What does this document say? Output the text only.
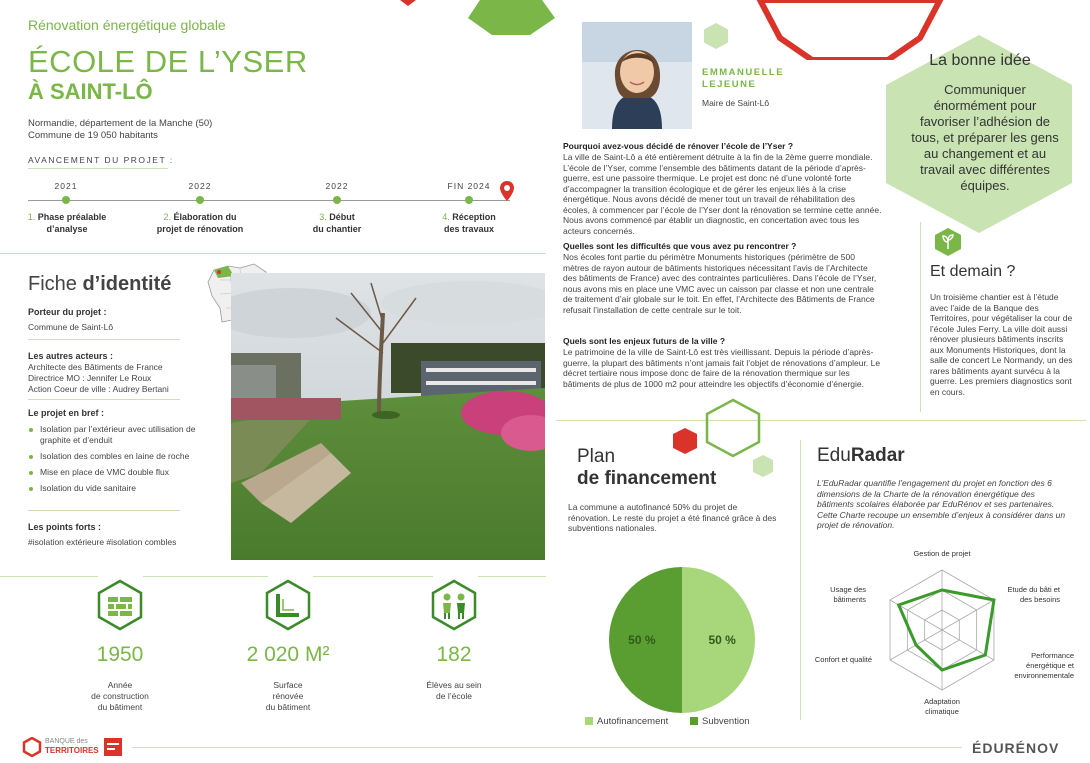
Rénovation énergétique globale
ÉCOLE DE L’YSER
À SAINT-LÔ
Normandie, département de la Manche (50)
Commune de 19 050 habitants
AVANCEMENT DU PROJET :
2021	2022	2022	FIN 2024
1. Phase préalable
d’analyse
2. Élaboration du
projet de rénovation
3. Début
du chantier
4. Réception
des travaux
Fiche d’identité
Porteur du projet :
Commune de Saint-Lô
Les autres acteurs :
Architecte des Bâtiments de France
Directrice MO : Jennifer Le Roux
Action Coeur de ville : Audrey Bertani
Le projet en bref :
Isolation par l’extérieur avec utilisation de graphite et d’enduit
Isolation des combles en laine de roche
Mise en place de VMC double flux
Isolation du vide sanitaire
Les points forts :
#isolation extérieure #isolation combles
1950	2 020 M²	182
Année
de construction
du bâtiment
Surface
rénovée
du bâtiment
Élèves au sein
de l’école
EMMANUELLE
LEJEUNE
Maire de Saint-Lô
Pourquoi avez-vous décidé de rénover l’école de l’Yser ?
La ville de Saint-Lô a été entièrement détruite à la fin de la 2ème guerre mondiale. L’école de l’Yser, comme l’ensemble des bâtiments datant de la période d’après-guerre, est une passoire thermique. Le projet est donc né d’une volonté forte d’accompagner la transition écologique et de gérer les enjeux liés à la crise énergétique. Nous avons décidé de mener tout un travail de réhabilitation des écoles, à commencer par l’école de l’Yser dont la rénovation se termine cette année. Nous avons commencé par établir un diagnostic, en concertation avec tous les acteurs concernés.
Quelles sont les difficultés que vous avez pu rencontrer ?
Nos écoles font partie du périmètre Monuments historiques (périmètre de 500 mètres de rayon autour de bâtiments historiques nécessitant l’avis de l’Architecte des bâtiments de France) avec des contraintes particulières. Dans l’école de l’Yser, nous avons mis en place une VMC avec un caisson par classe et non une centrale de traitement d’air globale sur le toit. En effet, l’Architecte des Bâtiments de France refusait l’installation de cette centrale sur le toit.
Quels sont les enjeux futurs de la ville ?
Le patrimoine de la ville de Saint-Lô est très vieillissant. Depuis la période d’après-guerre, la plupart des bâtiments n’ont jamais fait l’objet de rénovations d’ampleur. Le décret tertiaire nous impose donc de faire de la rénovation thermique sur les bâtiments de plus de 1000 m2 pour atteindre les objectifs d’économie d’énergie.
La bonne idée
Communiquer énormément pour favoriser l’adhésion de tous, et préparer les gens au changement et au travail avec différentes équipes.
Et demain ?
Un troisième chantier est à l’étude avec l’aide de la Banque des Territoires, pour végétaliser la cour de l’école Jules Ferry. La ville doit aussi rénover plusieurs bâtiments inscrits aux Monuments Historiques, dont la salle de concert Le Normandy, un des rares bâtiments ayant survécu à la guerre. Les premiers diagnostics sont en cours.
Plan
de financement
La commune a autofinancé 50% du projet de rénovation. Le reste du projet a été financé grâce à des subventions nationales.
50 %
50 %
Autofinancement	Subvention
EduRadar
L’EduRadar quantifie l’engagement du projet en fonction des 6 dimensions de la Charte de la rénovation énergétique des bâtiments scolaires élaborée par EduRénov et ses partenaires. Cette Charte recoupe un ensemble d’enjeux à considérer dans un projet de rénovation.
Gestion de projet
Etude du bâti et
des besoins
Performance
énergétique et
environnementale
Adaptation
climatique
Confort et qualité
Usage des
bâtiments
BANQUE des
TERRITOIRES	ÉDURÉNOV
